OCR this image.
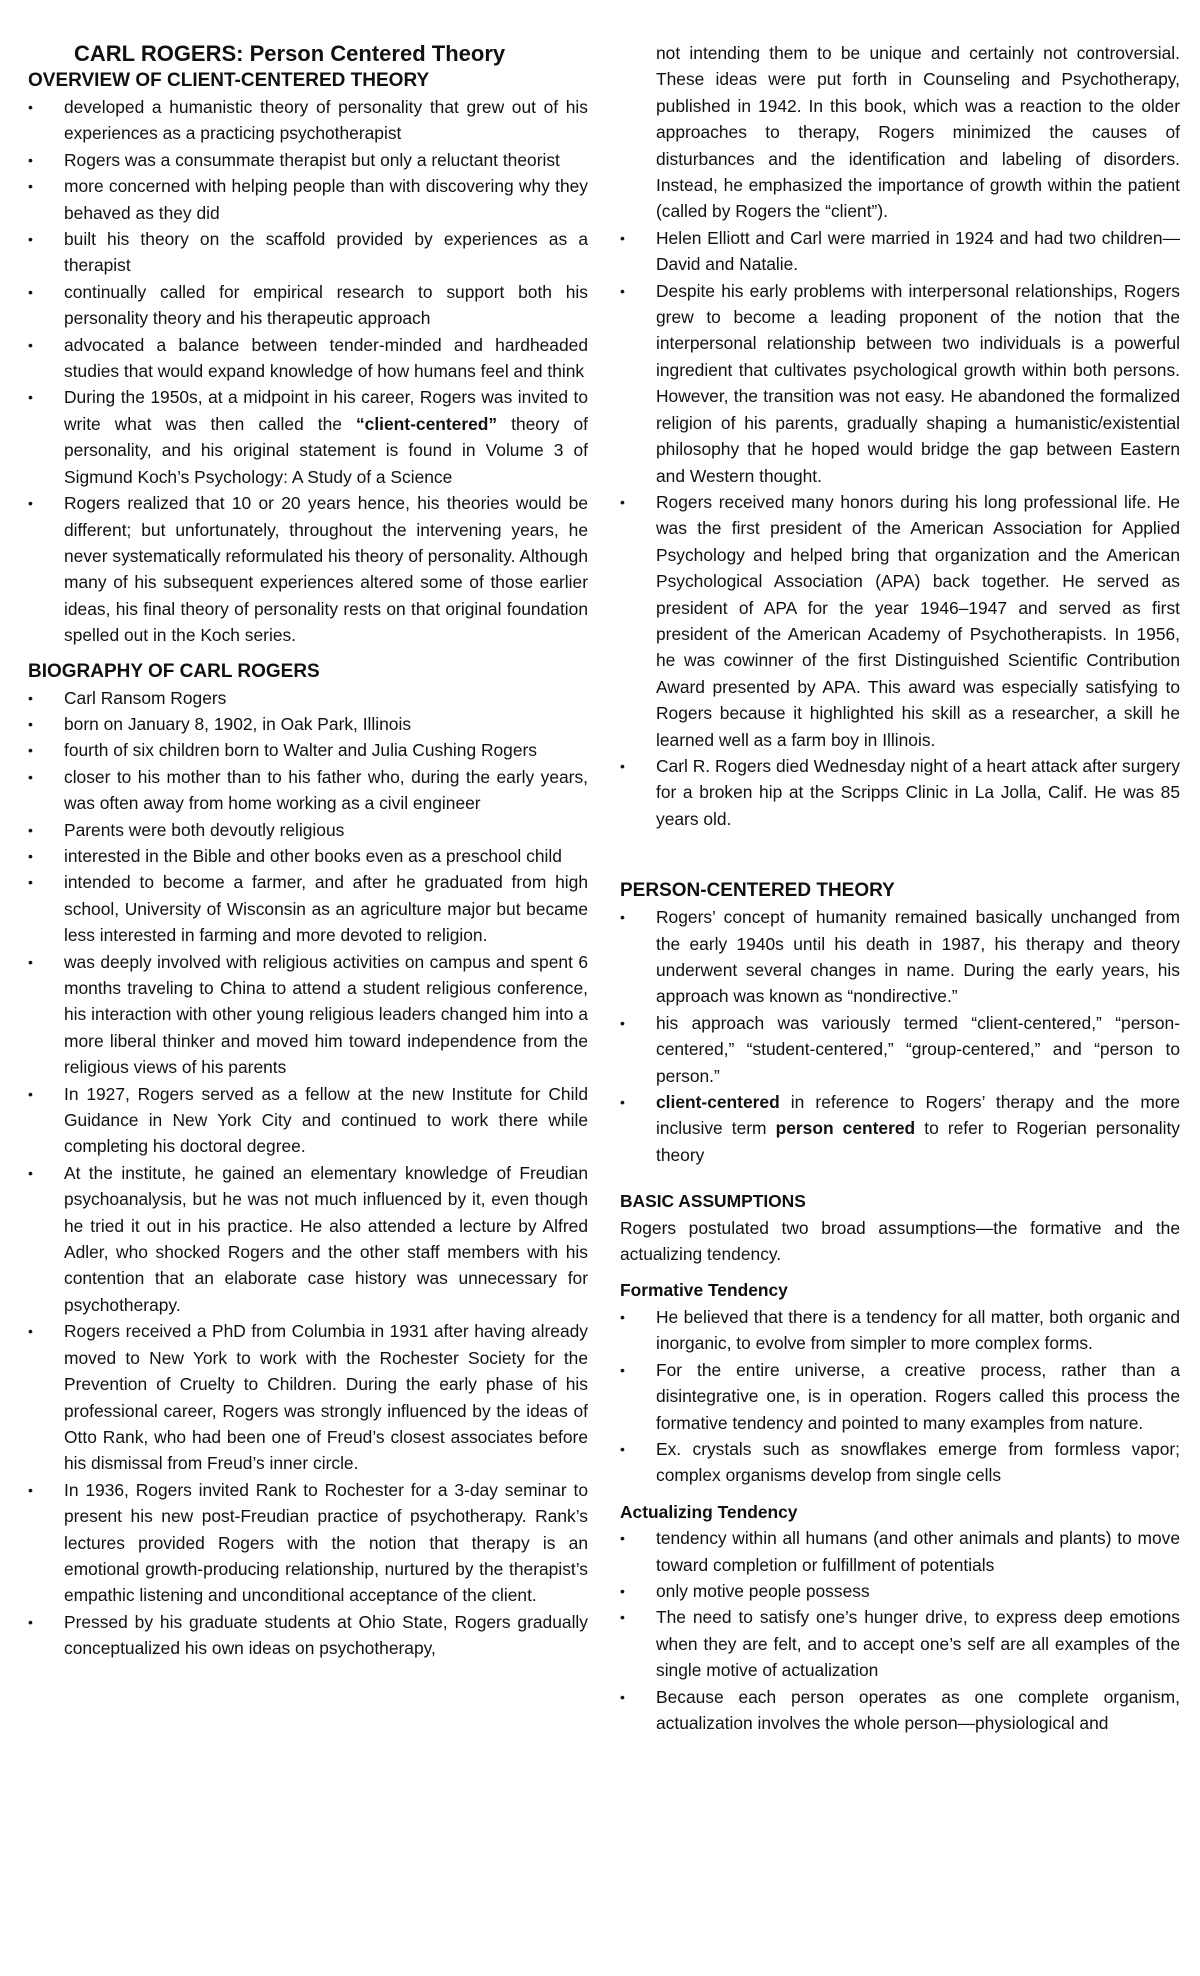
CARL ROGERS: Person Centered Theory

OVERVIEW OF CLIENT-CENTERED THEORY

•	developed a humanistic theory of personality that grew out of his experiences as a practicing psychotherapist
•	Rogers was a consummate therapist but only a reluctant theorist
•	more concerned with helping people than with discovering why they behaved as they did
•	built his theory on the scaffold provided by experiences as a therapist
•	continually called for empirical research to support both his personality theory and his therapeutic approach
•	advocated a balance between tender-minded and hardheaded studies that would expand knowledge of how humans feel and think
•	During the 1950s, at a midpoint in his career, Rogers was invited to write what was then called the “client-centered” theory of personality, and his original statement is found in Volume 3 of Sigmund Koch’s Psychology: A Study of a Science
•	Rogers realized that 10 or 20 years hence, his theories would be different; but unfortunately, throughout the intervening years, he never systematically reformulated his theory of personality. Although many of his subsequent experiences altered some of those earlier ideas, his final theory of personality rests on that original foundation spelled out in the Koch series.

BIOGRAPHY OF CARL ROGERS

•	Carl Ransom Rogers
•	born on January 8, 1902, in Oak Park, Illinois
•	fourth of six children born to Walter and Julia Cushing Rogers
•	closer to his mother than to his father who, during the early years, was often away from home working as a civil engineer
•	Parents were both devoutly religious
•	interested in the Bible and other books even as a preschool child
•	intended to become a farmer, and after he graduated from high school, University of Wisconsin as an agriculture major but became less interested in farming and more devoted to religion.
•	was deeply involved with religious activities on campus and spent 6 months traveling to China to attend a student religious conference, his interaction with other young religious leaders changed him into a more liberal thinker and moved him toward independence from the religious views of his parents
•	In 1927, Rogers served as a fellow at the new Institute for Child Guidance in New York City and continued to work there while completing his doctoral degree.
•	At the institute, he gained an elementary knowledge of Freudian psychoanalysis, but he was not much influenced by it, even though he tried it out in his practice. He also attended a lecture by Alfred Adler, who shocked Rogers and the other staff members with his contention that an elaborate case history was unnecessary for psychotherapy.
•	Rogers received a PhD from Columbia in 1931 after having already moved to New York to work with the Rochester Society for the Prevention of Cruelty to Children. During the early phase of his professional career, Rogers was strongly influenced by the ideas of Otto Rank, who had been one of Freud’s closest associates before his dismissal from Freud’s inner circle.
•	In 1936, Rogers invited Rank to Rochester for a 3-day seminar to present his new post-Freudian practice of psychotherapy. Rank’s lectures provided Rogers with the notion that therapy is an emotional growth-producing relationship, nurtured by the therapist’s empathic listening and unconditional acceptance of the client.
•	Pressed by his graduate students at Ohio State, Rogers gradually conceptualized his own ideas on psychotherapy,
not intending them to be unique and certainly not controversial. These ideas were put forth in Counseling and Psychotherapy, published in 1942. In this book, which was a reaction to the older approaches to therapy, Rogers minimized the causes of disturbances and the identification and labeling of disorders. Instead, he emphasized the importance of growth within the patient (called by Rogers the “client”).
•	Helen Elliott and Carl were married in 1924 and had two children—David and Natalie.
•	Despite his early problems with interpersonal relationships, Rogers grew to become a leading proponent of the notion that the interpersonal relationship between two individuals is a powerful ingredient that cultivates psychological growth within both persons. However, the transition was not easy. He abandoned the formalized religion of his parents, gradually shaping a humanistic/existential philosophy that he hoped would bridge the gap between Eastern and Western thought.
•	Rogers received many honors during his long professional life. He was the first president of the American Association for Applied Psychology and helped bring that organization and the American Psychological Association (APA) back together. He served as president of APA for the year 1946–1947 and served as first president of the American Academy of Psychotherapists. In 1956, he was cowinner of the first Distinguished Scientific Contribution Award presented by APA. This award was especially satisfying to Rogers because it highlighted his skill as a researcher, a skill he learned well as a farm boy in Illinois.
•	Carl R. Rogers died Wednesday night of a heart attack after surgery for a broken hip at the Scripps Clinic in La Jolla, Calif. He was 85 years old.

PERSON-CENTERED THEORY

•	Rogers’ concept of humanity remained basically unchanged from the early 1940s until his death in 1987, his therapy and theory underwent several changes in name. During the early years, his approach was known as “nondirective.”
•	his approach was variously termed “client-centered,” “person-centered,” “student-centered,” “group-centered,” and “person to person.”
•	client-centered in reference to Rogers’ therapy and the more inclusive term person centered to refer to Rogerian personality theory

BASIC ASSUMPTIONS

Rogers postulated two broad assumptions—the formative and the actualizing tendency.

Formative Tendency

•	He believed that there is a tendency for all matter, both organic and inorganic, to evolve from simpler to more complex forms.
•	For the entire universe, a creative process, rather than a disintegrative one, is in operation. Rogers called this process the formative tendency and pointed to many examples from nature.
•	Ex. crystals such as snowflakes emerge from formless vapor; complex organisms develop from single cells

Actualizing Tendency

•	tendency within all humans (and other animals and plants) to move toward completion or fulfillment of potentials
•	only motive people possess
•	The need to satisfy one’s hunger drive, to express deep emotions when they are felt, and to accept one’s self are all examples of the single motive of actualization
•	Because each person operates as one complete organism, actualization involves the whole person—physiological and
